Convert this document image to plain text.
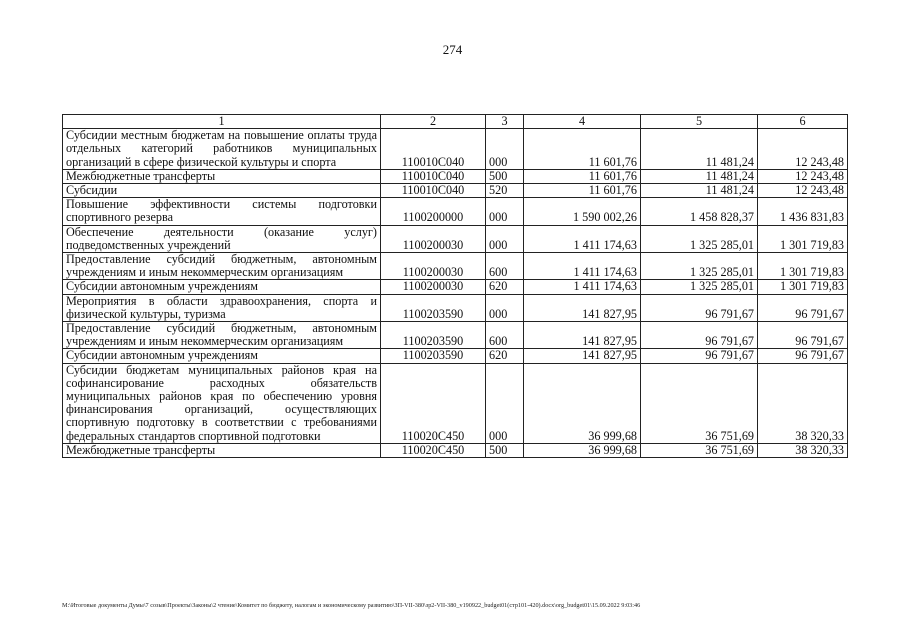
274
1	2	3	4	5	6
Субсидии местным бюджетам на повышение оплаты труда отдельных категорий работников муниципальных организаций в сфере физической культуры и спорта	110010С040	000	11 601,76	11 481,24	12 243,48
Межбюджетные трансферты	110010С040	500	11 601,76	11 481,24	12 243,48
Субсидии	110010С040	520	11 601,76	11 481,24	12 243,48
Повышение эффективности системы подготовки спортивного резерва	1100200000	000	1 590 002,26	1 458 828,37	1 436 831,83
Обеспечение деятельности (оказание услуг) подведомственных учреждений	1100200030	000	1 411 174,63	1 325 285,01	1 301 719,83
Предоставление субсидий бюджетным, автономным учреждениям и иным некоммерческим организациям	1100200030	600	1 411 174,63	1 325 285,01	1 301 719,83
Субсидии автономным учреждениям	1100200030	620	1 411 174,63	1 325 285,01	1 301 719,83
Мероприятия в области здравоохранения, спорта и физической культуры, туризма	1100203590	000	141 827,95	96 791,67	96 791,67
Предоставление субсидий бюджетным, автономным учреждениям и иным некоммерческим организациям	1100203590	600	141 827,95	96 791,67	96 791,67
Субсидии автономным учреждениям	1100203590	620	141 827,95	96 791,67	96 791,67
Субсидии бюджетам муниципальных районов края на софинансирование расходных обязательств муниципальных районов края по обеспечению уровня финансирования организаций, осуществляющих спортивную подготовку в соответствии с требованиями федеральных стандартов спортивной подготовки	110020С450	000	36 999,68	36 751,69	38 320,33
Межбюджетные трансферты	110020С450	500	36 999,68	36 751,69	38 320,33
M:\Итоговые документы Думы\7 созыв\Проекты\Законы\2 чтение\Комитет по бюджету, налогам и экономическому развитию\ЗП-VII-380\зр2-VII-380_v190922_budget01(стр101-420).docx\org_budget01\15.09.2022 9:03:46
